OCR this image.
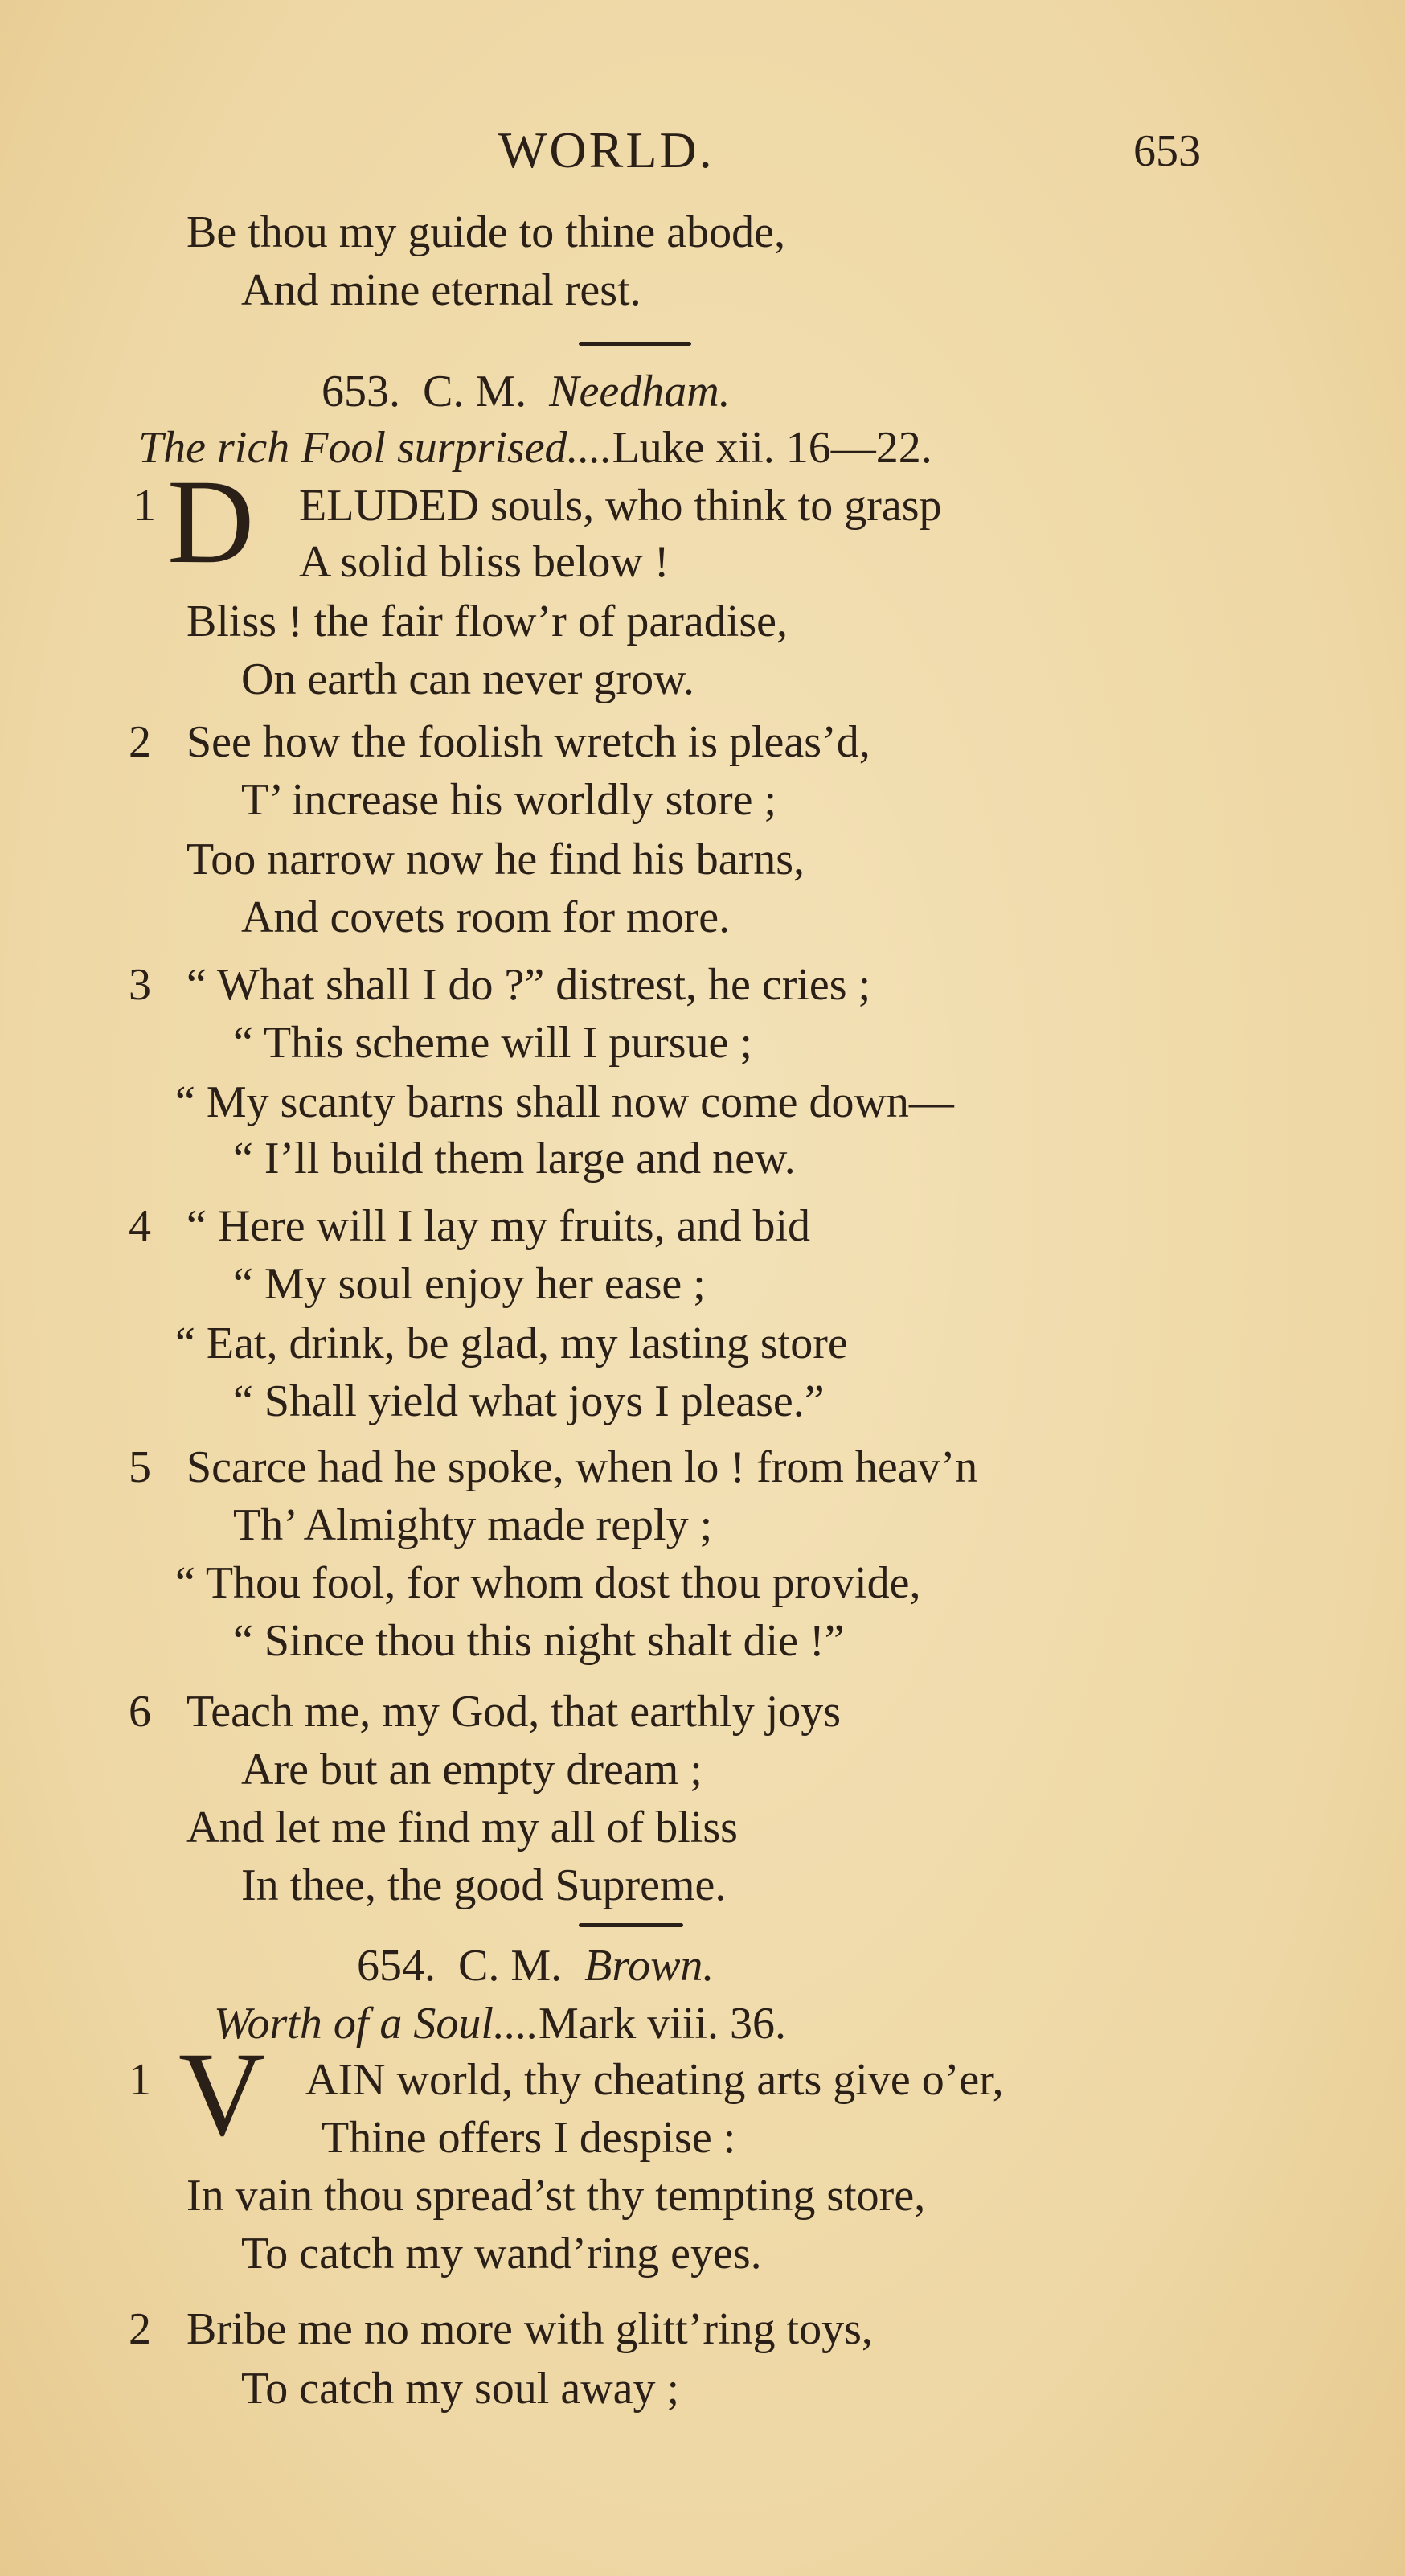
WORLD.	653
Be thou my guide to thine abode,
And mine eternal rest.
653. C. M. Needham.
The rich Fool surprised....Luke xii. 16—22.
1 D ELUDED souls, who think to grasp
A solid bliss below !
Bliss ! the fair flow’r of paradise,
On earth can never grow.
2 See how the foolish wretch is pleas’d,
T’ increase his worldly store ;
Too narrow now he find his barns,
And covets room for more.
3 “ What shall I do ?” distrest, he cries ;
“ This scheme will I pursue ;
“ My scanty barns shall now come down—
“ I’ll build them large and new.
4 “ Here will I lay my fruits, and bid
“ My soul enjoy her ease ;
“ Eat, drink, be glad, my lasting store
“ Shall yield what joys I please.”
5 Scarce had he spoke, when lo ! from heav’n
Th’ Almighty made reply ;
“ Thou fool, for whom dost thou provide,
“ Since thou this night shalt die !”
6 Teach me, my God, that earthly joys
Are but an empty dream ;
And let me find my all of bliss
In thee, the good Supreme.
654. C. M. Brown.
Worth of a Soul....Mark viii. 36.
1 V AIN world, thy cheating arts give o’er,
Thine offers I despise :
In vain thou spread’st thy tempting store,
To catch my wand’ring eyes.
2 Bribe me no more with glitt’ring toys,
To catch my soul away ;
